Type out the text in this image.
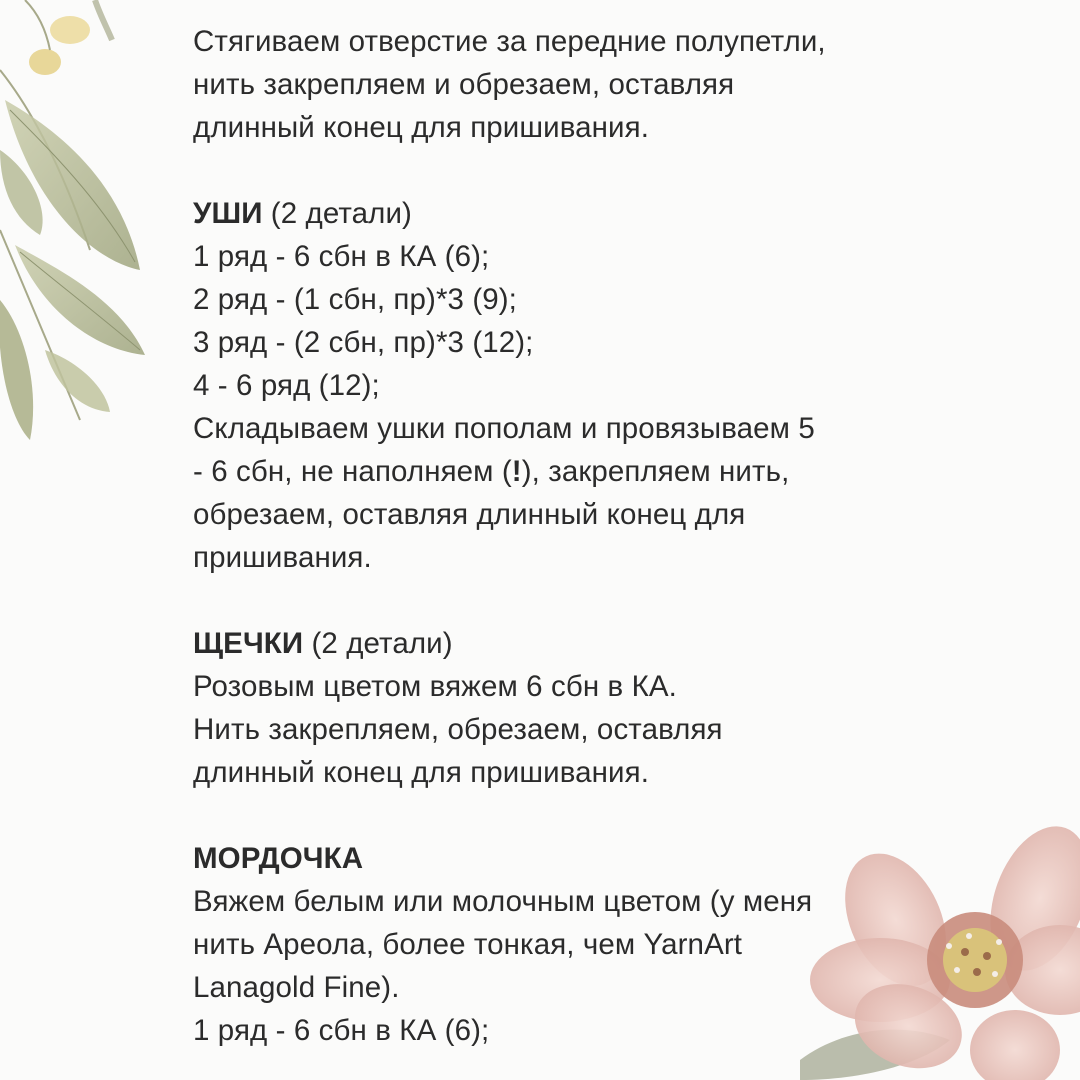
Стягиваем отверстие за передние полупетли,
нить закрепляем и обрезаем, оставляя
длинный конец для пришивания.
УШИ (2 детали)
1 ряд - 6 сбн в КА (6);
2 ряд - (1 сбн, пр)*3 (9);
3 ряд - (2 сбн, пр)*3 (12);
4 - 6 ряд (12);
Складываем ушки пополам и провязываем 5
- 6 сбн, не наполняем (!), закрепляем нить,
обрезаем, оставляя длинный конец для
пришивания.
ЩЕЧКИ (2 детали)
Розовым цветом вяжем 6 сбн в КА.
Нить закрепляем, обрезаем, оставляя
длинный конец для пришивания.
МОРДОЧКА
Вяжем белым или молочным цветом (у меня
нить Ареола, более тонкая, чем YarnArt
Lanagold Fine).
1 ряд - 6 сбн в КА (6);
